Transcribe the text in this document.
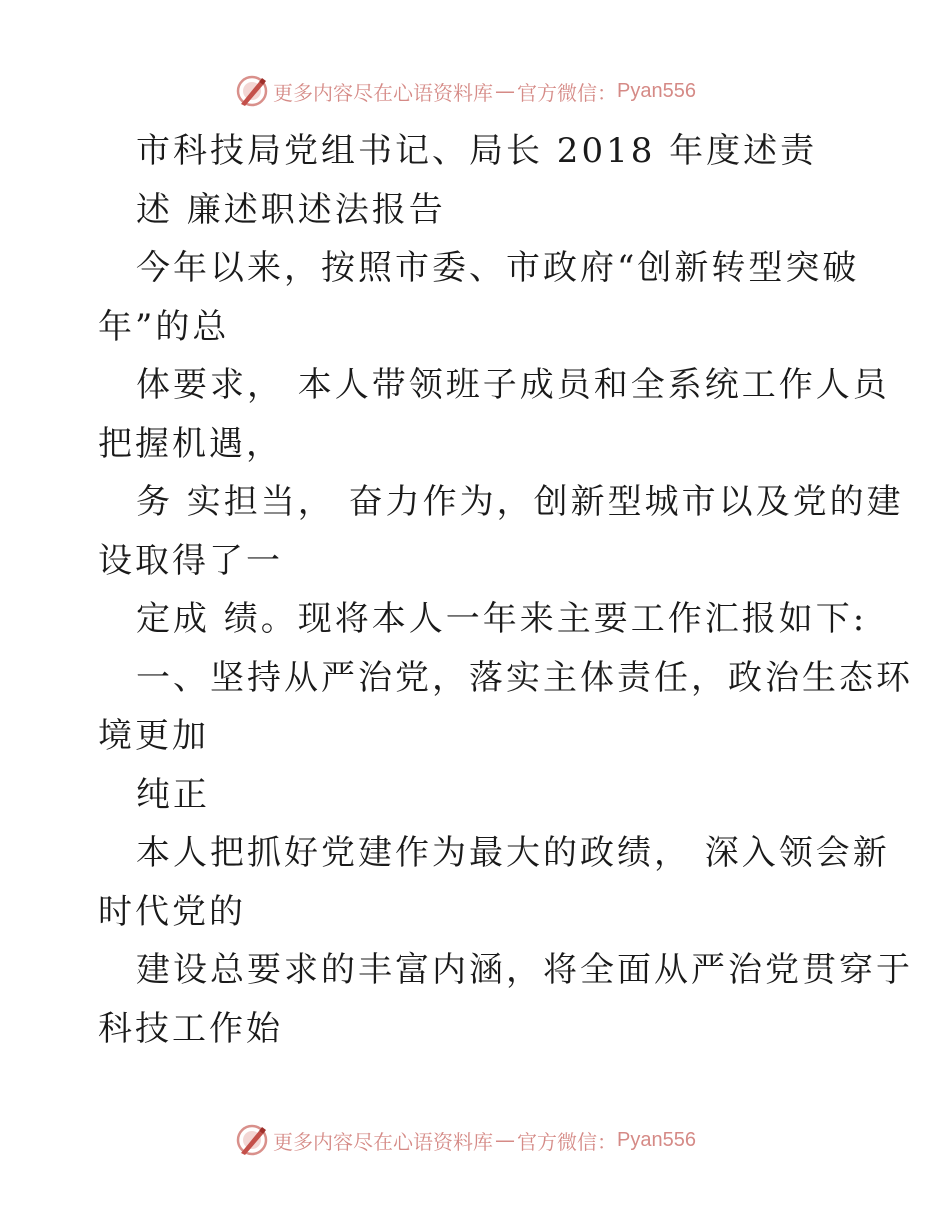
更多内容尽在心语资料库 — 官方微信： Pyan556
市科技局党组书记、局长 2018 年度述责
述 廉述职述法报告
今年以来，按照市委、市政府“创新转型突破
年”的总
体要求， 本人带领班子成员和全系统工作人员
把握机遇，
务 实担当， 奋力作为，创新型城市以及党的建
设取得了一
定成 绩。现将本人一年来主要工作汇报如下:
一、坚持从严治党，落实主体责任，政治生态环
境更加
纯正
本人把抓好党建作为最大的政绩， 深入领会新
时代党的
建设总要求的丰富内涵，将全面从严治党贯穿于
科技工作始
更多内容尽在心语资料库 — 官方微信： Pyan556
